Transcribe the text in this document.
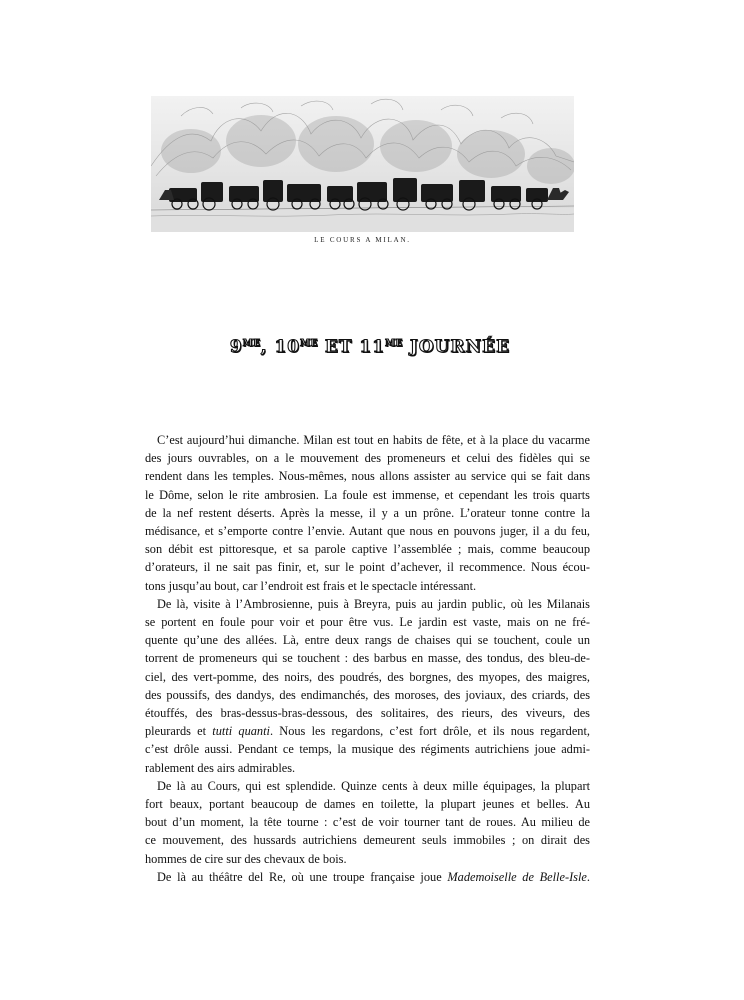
LE COURS A MILAN.
$9^{ME}$, $10^{ME}$ ET $11^{ME}$ JOURNÉE

C’est aujourd’hui dimanche. Milan est tout en habits de fête, et à la place du vacarme

des jours ouvrables, on a le mouvement des promeneurs et celui des fidèles qui se

rendent dans les temples. Nous-mêmes, nous allons assister au service qui se fait dans

le Dôme, selon le rite ambrosien. La foule est immense, et cependant les trois quarts

de la nef restent déserts. Après la messe, il y a un prône. L’orateur tonne contre la

médisance, et s’emporte contre l’envie. Autant que nous en pouvons juger, il a du feu,

son débit est pittoresque, et sa parole captive l’assemblée ; mais, comme beaucoup

d’orateurs, il ne sait pas finir, et, sur le point d’achever, il recommence. Nous écou-

tons jusqu’au bout, car l’endroit est frais et le spectacle intéressant.

De là, visite à l’Ambrosienne, puis à Breyra, puis au jardin public, où les Milanais

se portent en foule pour voir et pour être vus. Le jardin est vaste, mais on ne fré-

quente qu’une des allées. Là, entre deux rangs de chaises qui se touchent, coule un

torrent de promeneurs qui se touchent : des barbus en masse, des tondus, des bleu-de-

ciel, des vert-pomme, des noirs, des poudrés, des borgnes, des myopes, des maigres,

des poussifs, des dandys, des endimanchés, des moroses, des joviaux, des criards, des

étouffés, des bras-dessus-bras-dessous, des solitaires, des rieurs, des viveurs, des

pleurards et tutti quanti. Nous les regardons, c’est fort drôle, et ils nous regardent,

c’est drôle aussi. Pendant ce temps, la musique des régiments autrichiens joue admi-

rablement des airs admirables.

De là au Cours, qui est splendide. Quinze cents à deux mille équipages, la plupart

fort beaux, portant beaucoup de dames en toilette, la plupart jeunes et belles. Au

bout d’un moment, la tête tourne : c’est de voir tourner tant de roues. Au milieu de

ce mouvement, des hussards autrichiens demeurent seuls immobiles ; on dirait des

hommes de cire sur des chevaux de bois.

De là au théâtre del Re, où une troupe française joue Mademoiselle de Belle-Isle.
